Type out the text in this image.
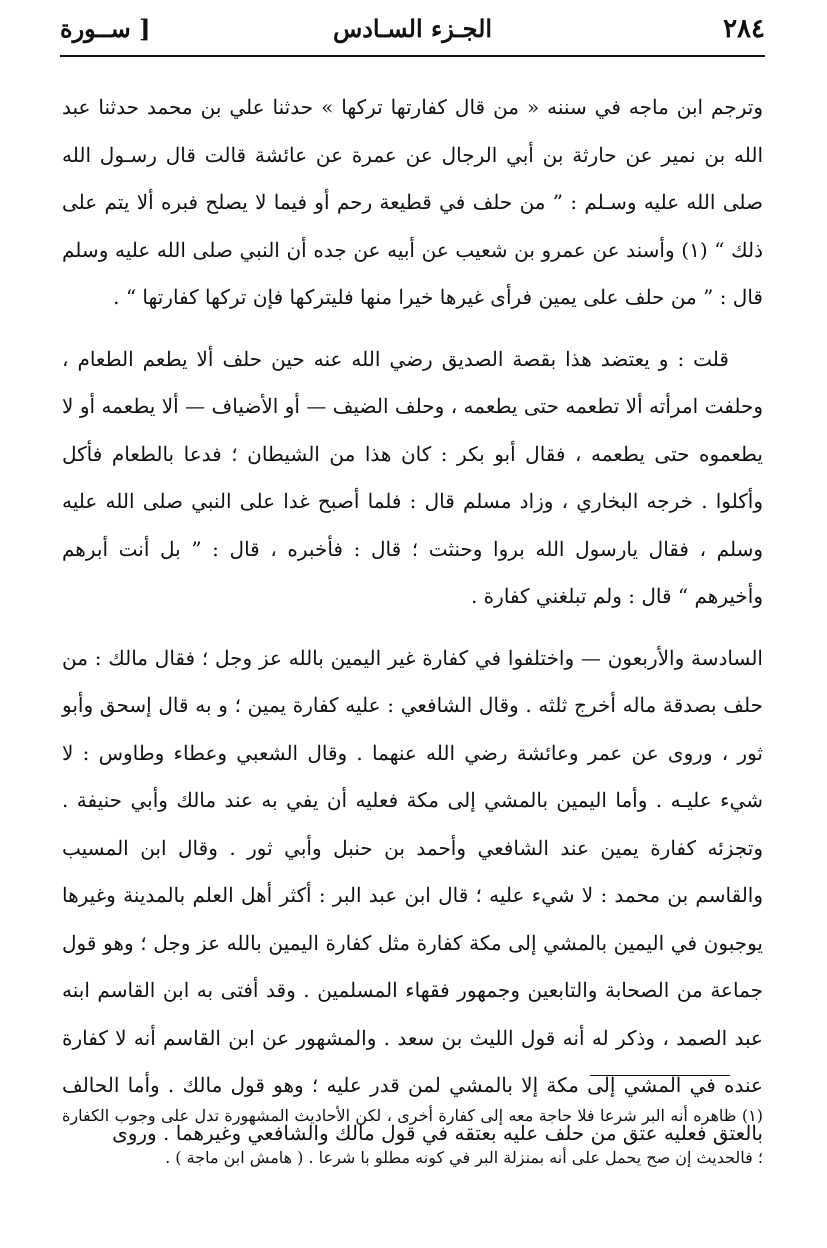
٢٨٤
الجـزء السـادس
[ ســورة

وترجم ابن ماجه في سننه « من قال كفارتها تركها » حدثنا علي بن محمد حدثنا عبد الله بن نمير عن حارثة بن أبي الرجال عن عمرة عن عائشة قالت قال رسـول الله صلى الله عليه وسـلم : ” من حلف في قطيعة رحم أو فيما لا يصلح فبره ألا يتم على ذلك “ (١) وأسند عن عمرو بن شعيب عن أبيه عن جده أن النبي صلى الله عليه وسلم قال : ” من حلف على يمين فرأى غيرها خيرا منها فليتركها فإن تركها كفارتها “ .

قلت : و يعتضد هذا بقصة الصديق رضي الله عنه حين حلف ألا يطعم الطعام ، وحلفت امرأته ألا تطعمه حتى يطعمه ، وحلف الضيف — أو الأضياف — ألا يطعمه أو لا يطعموه حتى يطعمه ، فقال أبو بكر : كان هذا من الشيطان ؛ فدعا بالطعام فأكل وأكلوا . خرجه البخاري ، وزاد مسلم قال : فلما أصبح غدا على النبي صلى الله عليه وسلم ، فقال يارسول الله بروا وحنثت ؛ قال : فأخبره ، قال : ” بل أنت أبرهم وأخيرهم “ قال : ولم تبلغني كفارة .

السادسة والأربعون — واختلفوا في كفارة غير اليمين بالله عز وجل ؛ فقال مالك : من حلف بصدقة ماله أخرج ثلثه . وقال الشافعي : عليه كفارة يمين ؛ و به قال إسحق وأبو ثور ، وروى عن عمر وعائشة رضي الله عنهما . وقال الشعبي وعطاء وطاوس : لا شيء عليـه . وأما اليمين بالمشي إلى مكة فعليه أن يفي به عند مالك وأبي حنيفة . وتجزئه كفارة يمين عند الشافعي وأحمد بن حنبل وأبي ثور . وقال ابن المسيب والقاسم بن محمد : لا شيء عليه ؛ قال ابن عبد البر : أكثر أهل العلم بالمدينة وغيرها يوجبون في اليمين بالمشي إلى مكة كفارة مثل كفارة اليمين بالله عز وجل ؛ وهو قول جماعة من الصحابة والتابعين وجمهور فقهاء المسلمين . وقد أفتى به ابن القاسم ابنه عبد الصمد ، وذكر له أنه قول الليث بن سعد . والمشهور عن ابن القاسم أنه لا كفارة عنده في المشي إلى مكة إلا بالمشي لمن قدر عليه ؛ وهو قول مالك . وأما الحالف بالعتق فعليه عتق من حلف عليه بعتقه في قول مالك والشافعي وغيرهما . وروى

(١) ظاهره أنه البر شرعا فلا حاجة معه إلى كفارة أخرى ، لكن الأحاديث المشهورة تدل على وجوب الكفارة ؛ فالحديث إن صح يحمل على أنه بمنزلة البر في كونه مطلو با شرعا . ( هامش ابن ماجة ) .
